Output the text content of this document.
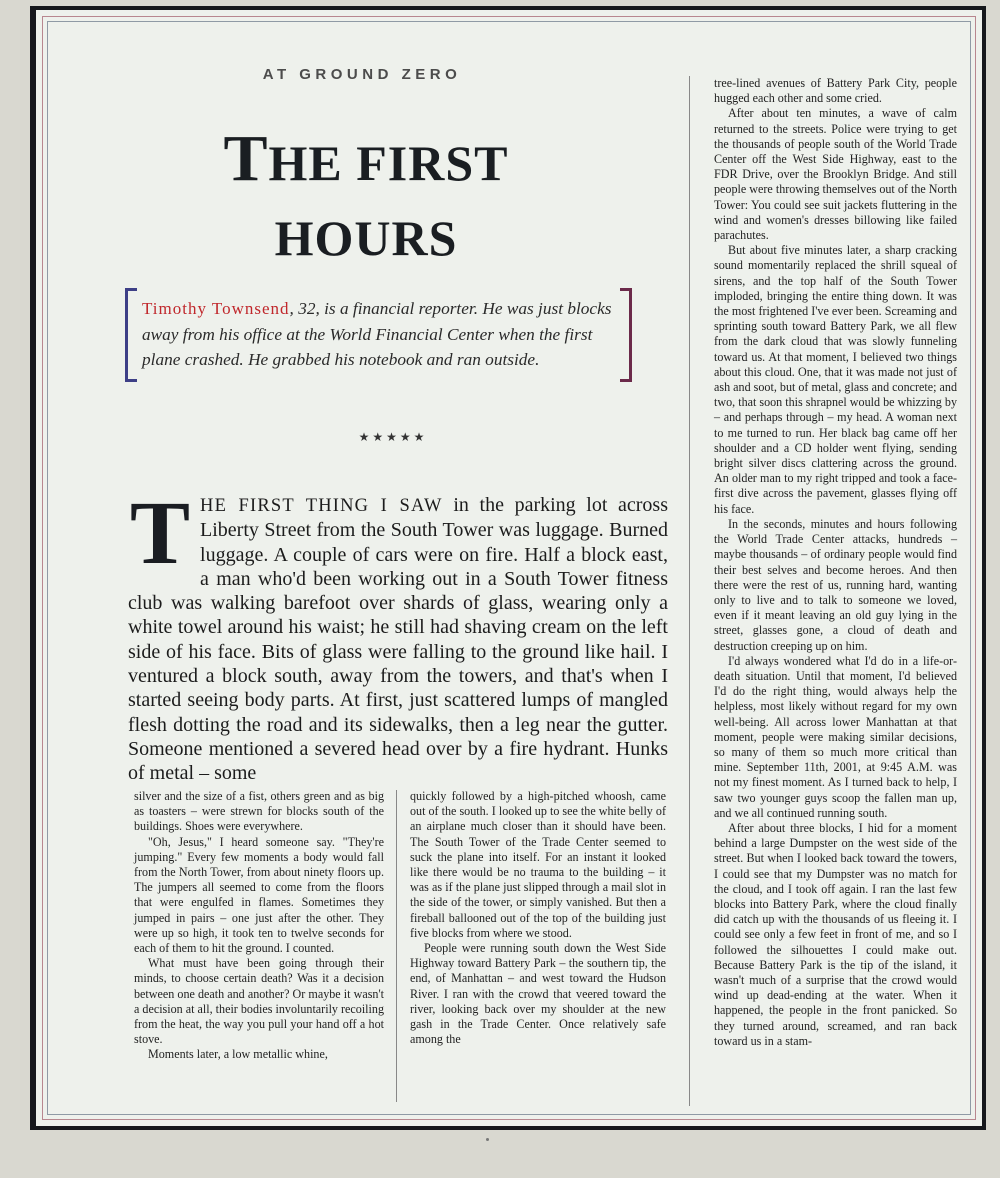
AT GROUND ZERO
THE FIRST
HOURS
Timothy Townsend, 32, is a financial reporter. He was just blocks away from his office at the World Financial Center when the first plane crashed. He grabbed his notebook and ran outside.
★★★★★
THE FIRST THING I SAW in the parking lot across Liberty Street from the South Tower was luggage. Burned luggage. A couple of cars were on fire. Half a block east, a man who'd been working out in a South Tower fitness club was walking barefoot over shards of glass, wearing only a white towel around his waist; he still had shaving cream on the left side of his face. Bits of glass were falling to the ground like hail. I ventured a block south, away from the towers, and that's when I started seeing body parts. At first, just scattered lumps of mangled flesh dotting the road and its sidewalks, then a leg near the gutter. Someone mentioned a severed head over by a fire hydrant. Hunks of metal – some

silver and the size of a fist, others green and as big as toasters – were strewn for blocks south of the buildings. Shoes were everywhere.

"Oh, Jesus," I heard someone say. "They're jumping." Every few moments a body would fall from the North Tower, from about ninety floors up. The jumpers all seemed to come from the floors that were engulfed in flames. Sometimes they jumped in pairs – one just after the other. They were up so high, it took ten to twelve seconds for each of them to hit the ground. I counted.

What must have been going through their minds, to choose certain death? Was it a decision between one death and another? Or maybe it wasn't a decision at all, their bodies involuntarily recoiling from the heat, the way you pull your hand off a hot stove.

Moments later, a low metallic whine,

quickly followed by a high-pitched whoosh, came out of the south. I looked up to see the white belly of an airplane much closer than it should have been. The South Tower of the Trade Center seemed to suck the plane into itself. For an instant it looked like there would be no trauma to the building – it was as if the plane just slipped through a mail slot in the side of the tower, or simply vanished. But then a fireball ballooned out of the top of the building just five blocks from where we stood.

People were running south down the West Side Highway toward Battery Park – the southern tip, the end, of Manhattan – and west toward the Hudson River. I ran with the crowd that veered toward the river, looking back over my shoulder at the new gash in the Trade Center. Once relatively safe among the

tree-lined avenues of Battery Park City, people hugged each other and some cried.

After about ten minutes, a wave of calm returned to the streets. Police were trying to get the thousands of people south of the World Trade Center off the West Side Highway, east to the FDR Drive, over the Brooklyn Bridge. And still people were throwing themselves out of the North Tower: You could see suit jackets fluttering in the wind and women's dresses billowing like failed parachutes.

But about five minutes later, a sharp cracking sound momentarily replaced the shrill squeal of sirens, and the top half of the South Tower imploded, bringing the entire thing down. It was the most frightened I've ever been. Screaming and sprinting south toward Battery Park, we all flew from the dark cloud that was slowly funneling toward us. At that moment, I believed two things about this cloud. One, that it was made not just of ash and soot, but of metal, glass and concrete; and two, that soon this shrapnel would be whizzing by – and perhaps through – my head. A woman next to me turned to run. Her black bag came off her shoulder and a CD holder went flying, sending bright silver discs clattering across the ground. An older man to my right tripped and took a face-first dive across the pavement, glasses flying off his face.

In the seconds, minutes and hours following the World Trade Center attacks, hundreds – maybe thousands – of ordinary people would find their best selves and become heroes. And then there were the rest of us, running hard, wanting only to live and to talk to someone we loved, even if it meant leaving an old guy lying in the street, glasses gone, a cloud of death and destruction creeping up on him.

I'd always wondered what I'd do in a life-or-death situation. Until that moment, I'd believed I'd do the right thing, would always help the helpless, most likely without regard for my own well-being. All across lower Manhattan at that moment, people were making similar decisions, so many of them so much more critical than mine. September 11th, 2001, at 9:45 A.M. was not my finest moment. As I turned back to help, I saw two younger guys scoop the fallen man up, and we all continued running south.

After about three blocks, I hid for a moment behind a large Dumpster on the west side of the street. But when I looked back toward the towers, I could see that my Dumpster was no match for the cloud, and I took off again. I ran the last few blocks into Battery Park, where the cloud finally did catch up with the thousands of us fleeing it. I could see only a few feet in front of me, and so I followed the silhouettes I could make out. Because Battery Park is the tip of the island, it wasn't much of a surprise that the crowd would wind up dead-ending at the water. When it happened, the people in the front panicked. So they turned around, screamed, and ran back toward us in a stam-
